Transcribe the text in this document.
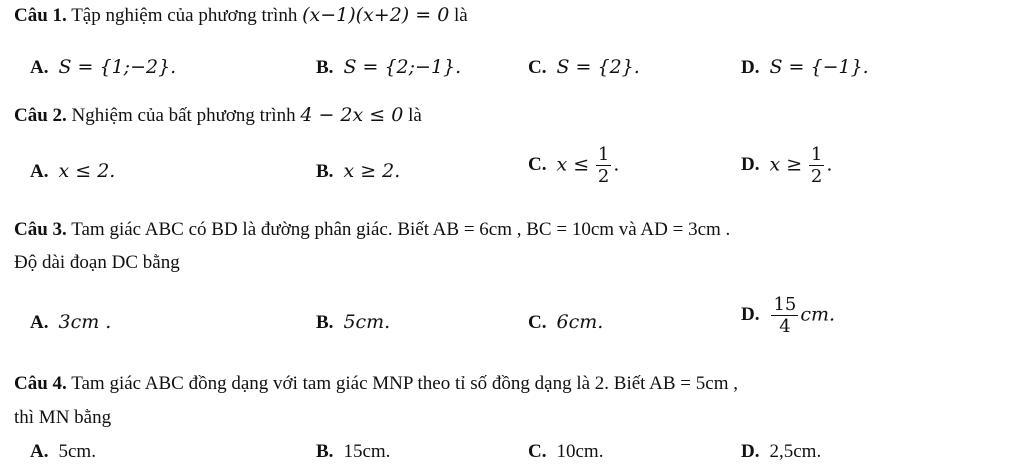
Câu 1. Tập nghiệm của phương trình (x−1)(x+2) = 0 là
A. S = {1;−2}.	B. S = {2;−1}.	C. S = {2}.	D. S = {−1}.
Câu 2. Nghiệm của bất phương trình 4 − 2x ≤ 0 là
A. x ≤ 2.	B. x ≥ 2.	C. $x \le \frac{1}{2}$ .	D. $x \ge \frac{1}{2}$ .
Câu 3. Tam giác ABC có BD là đường phân giác. Biết AB = 6cm , BC = 10cm và AD = 3cm .
Độ dài đoạn DC bằng
A. 3cm .	B. 5cm.	C. 6cm.	D. $\frac{15}{4}$ cm.
Câu 4. Tam giác ABC đồng dạng với tam giác MNP theo tỉ số đồng dạng là 2. Biết AB = 5cm ,
thì MN bằng
A. 5cm.	B. 15cm.	C. 10cm.	D. 2,5cm.
